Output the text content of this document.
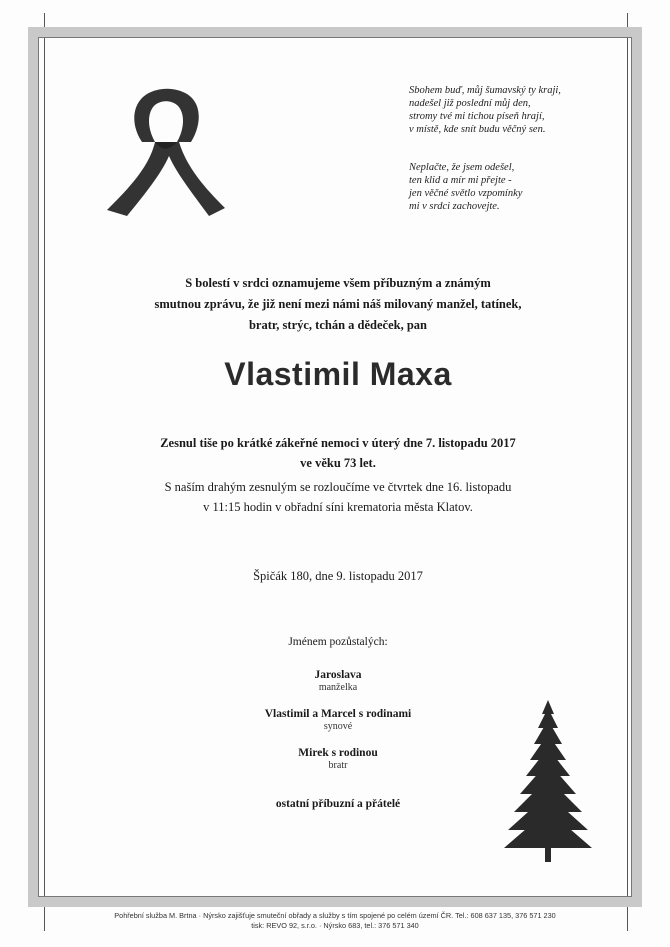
Sbohem buď, můj šumavský ty kraji,
nadešel již poslední můj den,
stromy tvé mi tichou píseň hrají,
v místě, kde snít budu věčný sen.
Neplačte, že jsem odešel,
ten klid a mír mi přejte -
jen věčné světlo vzpomínky
mi v srdci zachovejte.
S bolestí v srdci oznamujeme všem příbuzným a známým
smutnou zprávu, že již není mezi námi náš milovaný manžel, tatínek,
bratr, strýc, tchán a dědeček, pan
Vlastimil Maxa
Zesnul tiše po krátké zákeřné nemoci v úterý dne 7. listopadu 2017
ve věku 73 let.
S naším drahým zesnulým se rozloučíme ve čtvrtek dne 16. listopadu
v 11:15 hodin v obřadní síni krematoria města Klatov.
Špičák 180, dne 9. listopadu 2017
Jménem pozůstalých:
Jaroslava
manželka
Vlastimil a Marcel s rodinami
synové
Mirek s rodinou
bratr
ostatní příbuzní a přátelé
Pohřební služba M. Brtna · Nýrsko zajišťuje smuteční obřady a služby s tím spojené po celém území ČR. Tel.: 608 637 135, 376 571 230
tisk: REVO 92, s.r.o. · Nýrsko 683, tel.: 376 571 340
